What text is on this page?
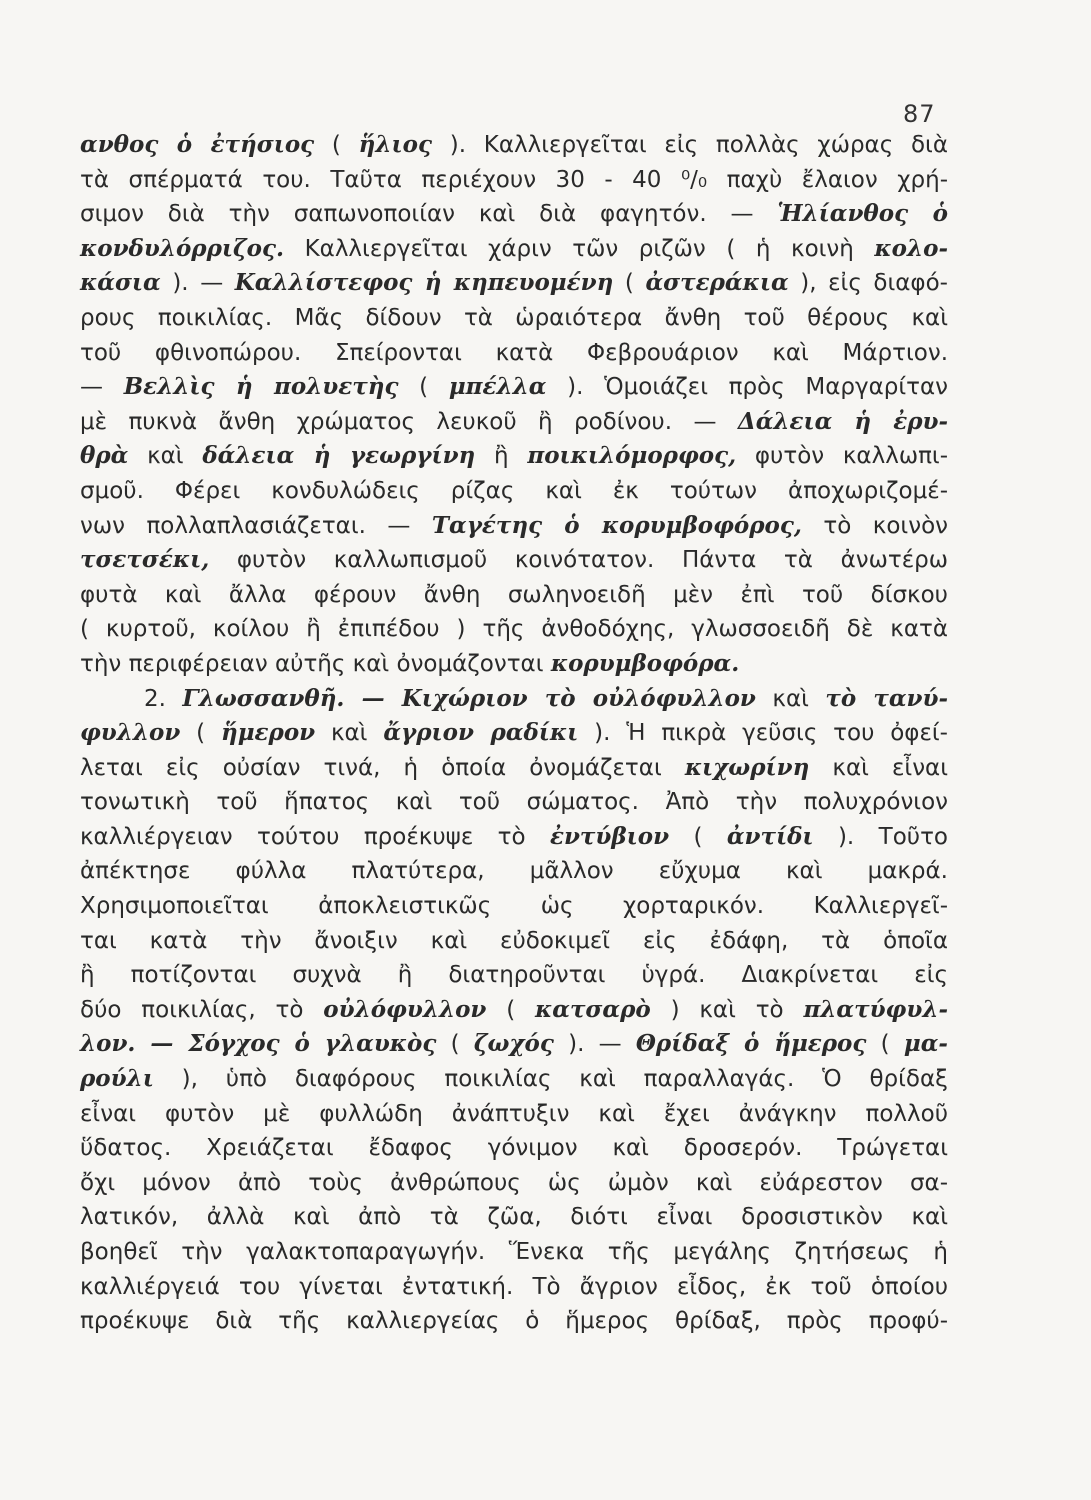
87
ανθος ὁ ἐτήσιος ( ἥλιος ). Καλλιεργεῖται εἰς πολλὰς χώρας διὰ
τὰ σπέρματά του. Ταῦτα περιέχουν 30 - 40 ⁰/₀ παχὺ ἔλαιον χρή-
σιμον διὰ τὴν σαπωνοποιίαν καὶ διὰ φαγητόν. — Ἡλίανθος ὁ
κονδυλόρριζος. Καλλιεργεῖται χάριν τῶν ριζῶν ( ἡ κοινὴ κολο-
κάσια ). — Καλλίστεφος ἡ κηπευομένη ( ἀστεράκια ), εἰς διαφό-
ρους ποικιλίας. Μᾶς δίδουν τὰ ὡραιότερα ἄνθη τοῦ θέρους καὶ
τοῦ φθινοπώρου. Σπείρονται κατὰ Φεβρουάριον καὶ Μάρτιον.
— Βελλὶς ἡ πολυετὴς ( μπέλλα ). Ὁμοιάζει πρὸς Μαργαρίταν
μὲ πυκνὰ ἄνθη χρώματος λευκοῦ ἢ ροδίνου. — Δάλεια ἡ ἐρυ-
θρὰ καὶ δάλεια ἡ γεωργίνη ἢ ποικιλόμορφος, φυτὸν καλλωπι-
σμοῦ. Φέρει κονδυλώδεις ρίζας καὶ ἐκ τούτων ἀποχωριζομέ-
νων πολλαπλασιάζεται. — Ταγέτης ὁ κορυμβοφόρος, τὸ κοινὸν
τσετσέκι, φυτὸν καλλωπισμοῦ κοινότατον. Πάντα τὰ ἀνωτέρω
φυτὰ καὶ ἄλλα φέρουν ἄνθη σωληνοειδῆ μὲν ἐπὶ τοῦ δίσκου
( κυρτοῦ, κοίλου ἢ ἐπιπέδου ) τῆς ἀνθοδόχης, γλωσσοειδῆ δὲ κατὰ
τὴν περιφέρειαν αὐτῆς καὶ ὀνομάζονται κορυμβοφόρα.
2. Γλωσσανθῆ. — Κιχώριον τὸ οὐλόφυλλον καὶ τὸ τανύ-
φυλλον ( ἥμερον καὶ ἄγριον ραδίκι ). Ἡ πικρὰ γεῦσις του ὀφεί-
λεται εἰς οὐσίαν τινά, ἡ ὁποία ὀνομάζεται κιχωρίνη καὶ εἶναι
τονωτικὴ τοῦ ἥπατος καὶ τοῦ σώματος. Ἀπὸ τὴν πολυχρόνιον
καλλιέργειαν τούτου προέκυψε τὸ ἐντύβιον ( ἀντίδι ). Τοῦτο
ἀπέκτησε φύλλα πλατύτερα, μᾶλλον εὔχυμα καὶ μακρά.
Χρησιμοποιεῖται ἀποκλειστικῶς ὡς χορταρικόν. Καλλιεργεῖ-
ται κατὰ τὴν ἄνοιξιν καὶ εὐδοκιμεῖ εἰς ἐδάφη, τὰ ὁποῖα
ἢ ποτίζονται συχνὰ ἢ διατηροῦνται ὑγρά. Διακρίνεται εἰς
δύο ποικιλίας, τὸ οὐλόφυλλον ( κατσαρὸ ) καὶ τὸ πλατύφυλ-
λον. — Σόγχος ὁ γλαυκὸς ( ζωχός ). — Θρίδαξ ὁ ἥμερος ( μα-
ρούλι ), ὑπὸ διαφόρους ποικιλίας καὶ παραλλαγάς. Ὁ θρίδαξ
εἶναι φυτὸν μὲ φυλλώδη ἀνάπτυξιν καὶ ἔχει ἀνάγκην πολλοῦ
ὕδατος. Χρειάζεται ἔδαφος γόνιμον καὶ δροσερόν. Τρώγεται
ὄχι μόνον ἀπὸ τοὺς ἀνθρώπους ὡς ὠμὸν καὶ εὐάρεστον σα-
λατικόν, ἀλλὰ καὶ ἀπὸ τὰ ζῶα, διότι εἶναι δροσιστικὸν καὶ
βοηθεῖ τὴν γαλακτοπαραγωγήν. Ἕνεκα τῆς μεγάλης ζητήσεως ἡ
καλλιέργειά του γίνεται ἐντατική. Τὸ ἄγριον εἶδος, ἐκ τοῦ ὁποίου
προέκυψε διὰ τῆς καλλιεργείας ὁ ἥμερος θρίδαξ, πρὸς προφύ-
